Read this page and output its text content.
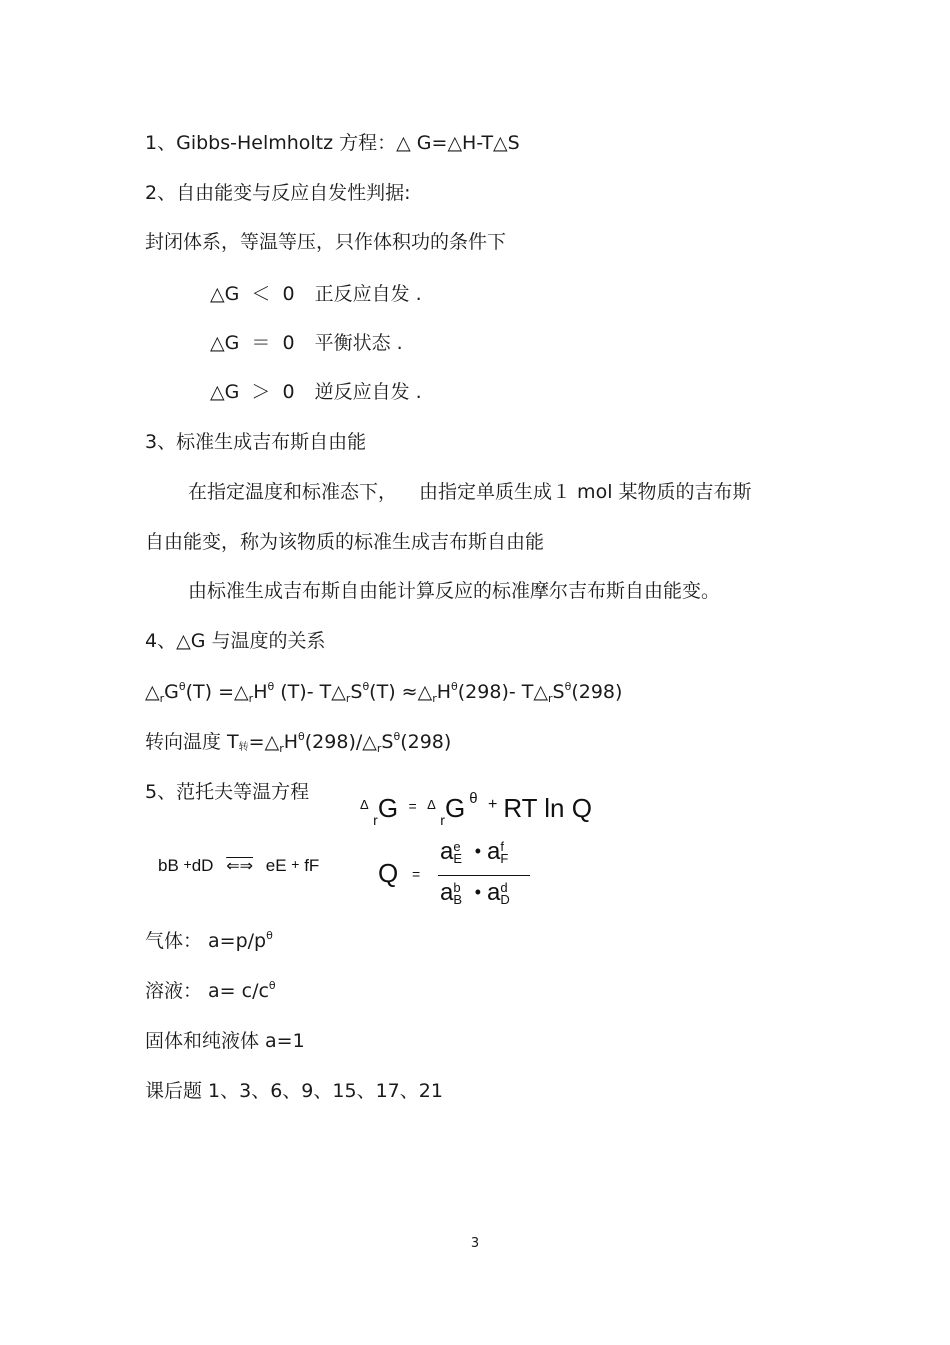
1、Gibbs-Helmholtz 方程：△ G=△H-T△S
2、自由能变与反应自发性判据:
封闭体系，等温等压，只作体积功的条件下
△G ＜ 0 正反应自发 .
△G ＝ 0 平衡状态 .
△G ＞ 0 逆反应自发 .
3、标准生成吉布斯自由能
在指定温度和标准态下， 由指定单质生成１ mol 某物质的吉布斯
自由能变，称为该物质的标准生成吉布斯自由能
由标准生成吉布斯自由能计算反应的标准摩尔吉布斯自由能变。
4、△G 与温度的关系
$\triangle_rG^\theta(T)$ $=\triangle_rH^\theta$ (T)- $T\triangle_rS^\theta(T)$ $\approx\triangle_rH^\theta(298)-$ $T\triangle_rS^\theta(298)$
转向温度 T转$=\triangle_rH^\theta(298)/\triangle_rS^\theta(298)$
5、范托夫等温方程
$^\Delta$ rG = $^\Delta$ rG θ + RT ln Q
bB +dD ⇐⇒ eE + fF Q =
a e
E • a f
F
a b
B • a d
D
气体： $a=p/p^\theta$
溶液： $a= c/c^\theta$
固体和纯液体 a=1
课后题 1、3、6、9、15、17、21
3
